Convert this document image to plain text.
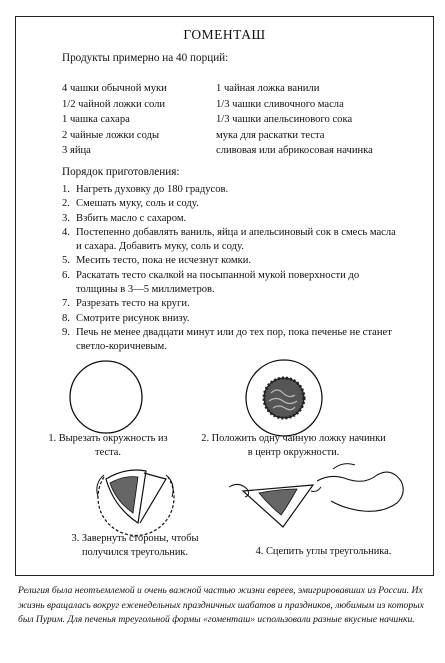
ГОМЕНТАШ
Продукты примерно на 40 порций:
4 чашки обычной муки	1 чайная ложка ванили
1/2 чайной ложки соли	1/3 чашки сливочного масла
1 чашка сахара	1/3 чашки апельсинового сока
2 чайные ложки соды	мука для раскатки теста
3 яйца	сливовая или абрикосовая начинка
Порядок приготовления:
1. Нагреть духовку до 180 градусов.
2. Смешать муку, соль и соду.
3. Взбить масло с сахаром.
4. Постепенно добавлять ваниль, яйца и апельсиновый сок в смесь масла и сахара. Добавить муку, соль и соду.
5. Месить тесто, пока не исчезнут комки.
6. Раскатать тесто скалкой на посыпанной мукой поверхности до толщины в 3—5 миллиметров.
7. Разрезать тесто на круги.
8. Смотрите рисунок внизу.
9. Печь не менее двадцати минут или до тех пор, пока печенье не станет светло-коричневым.
1. Вырезать окружность из теста.
2. Положить одну чайную ложку начинки в центр окружности.
3. Завернуть стороны, чтобы получился треугольник.	4. Сцепить углы треугольника.
Религия была неотъемлемой и очень важной частью жизни евреев, эмигрировавших из России. Их жизнь вращалась вокруг еженедельных праздничных шабатов и праздников, любимым из которых был Пурим. Для печенья треугольной формы «гоменташ» использовали разные вкусные начинки.
